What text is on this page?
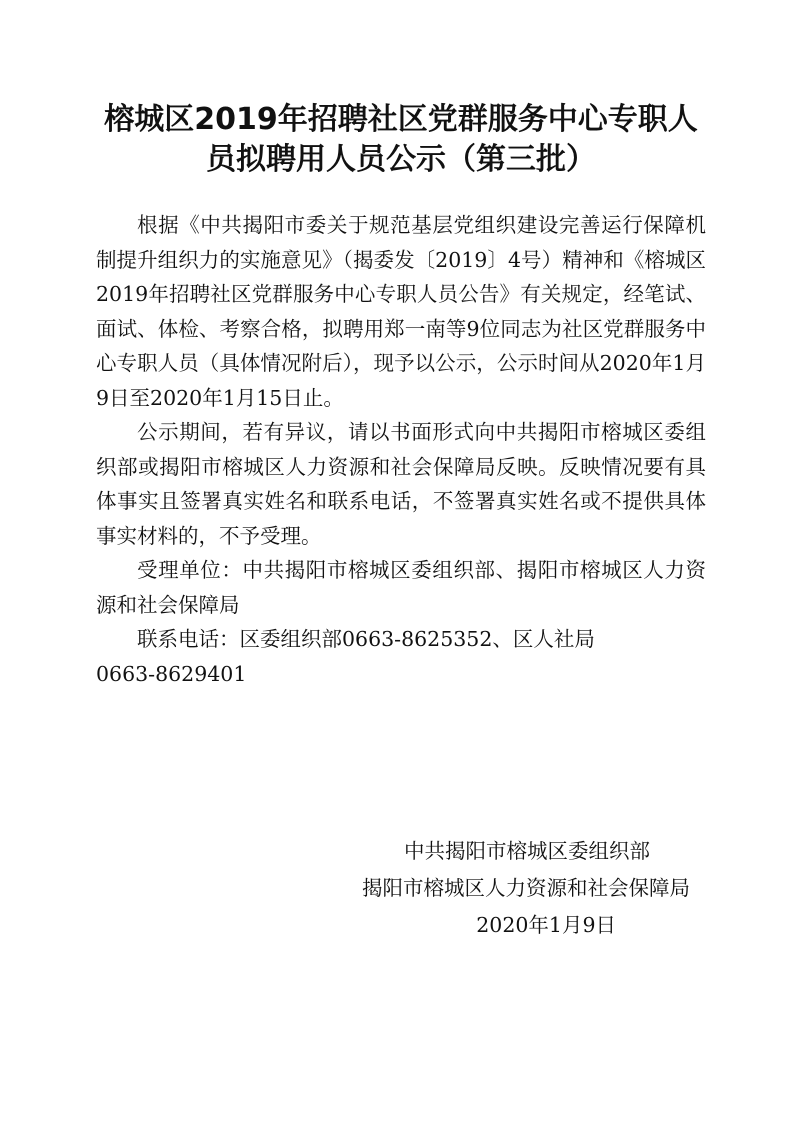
榕城区2019年招聘社区党群服务中心专职人
员拟聘用人员公示（第三批）

根据《中共揭阳市委关于规范基层党组织建设完善运行保障机制提升组织力的实施意见》（揭委发〔2019〕4号）精神和《榕城区2019年招聘社区党群服务中心专职人员公告》有关规定，经笔试、面试、体检、考察合格，拟聘用郑一南等9位同志为社区党群服务中心专职人员（具体情况附后），现予以公示，公示时间从2020年1月9日至2020年1月15日止。

公示期间，若有异议，请以书面形式向中共揭阳市榕城区委组织部或揭阳市榕城区人力资源和社会保障局反映。反映情况要有具体事实且签署真实姓名和联系电话，不签署真实姓名或不提供具体事实材料的，不予受理。

受理单位：中共揭阳市榕城区委组织部、揭阳市榕城区人力资源和社会保障局

联系电话：区委组织部0663-8625352、区人社局

0663-8629401

中共揭阳市榕城区委组织部
揭阳市榕城区人力资源和社会保障局
2020年1月9日
